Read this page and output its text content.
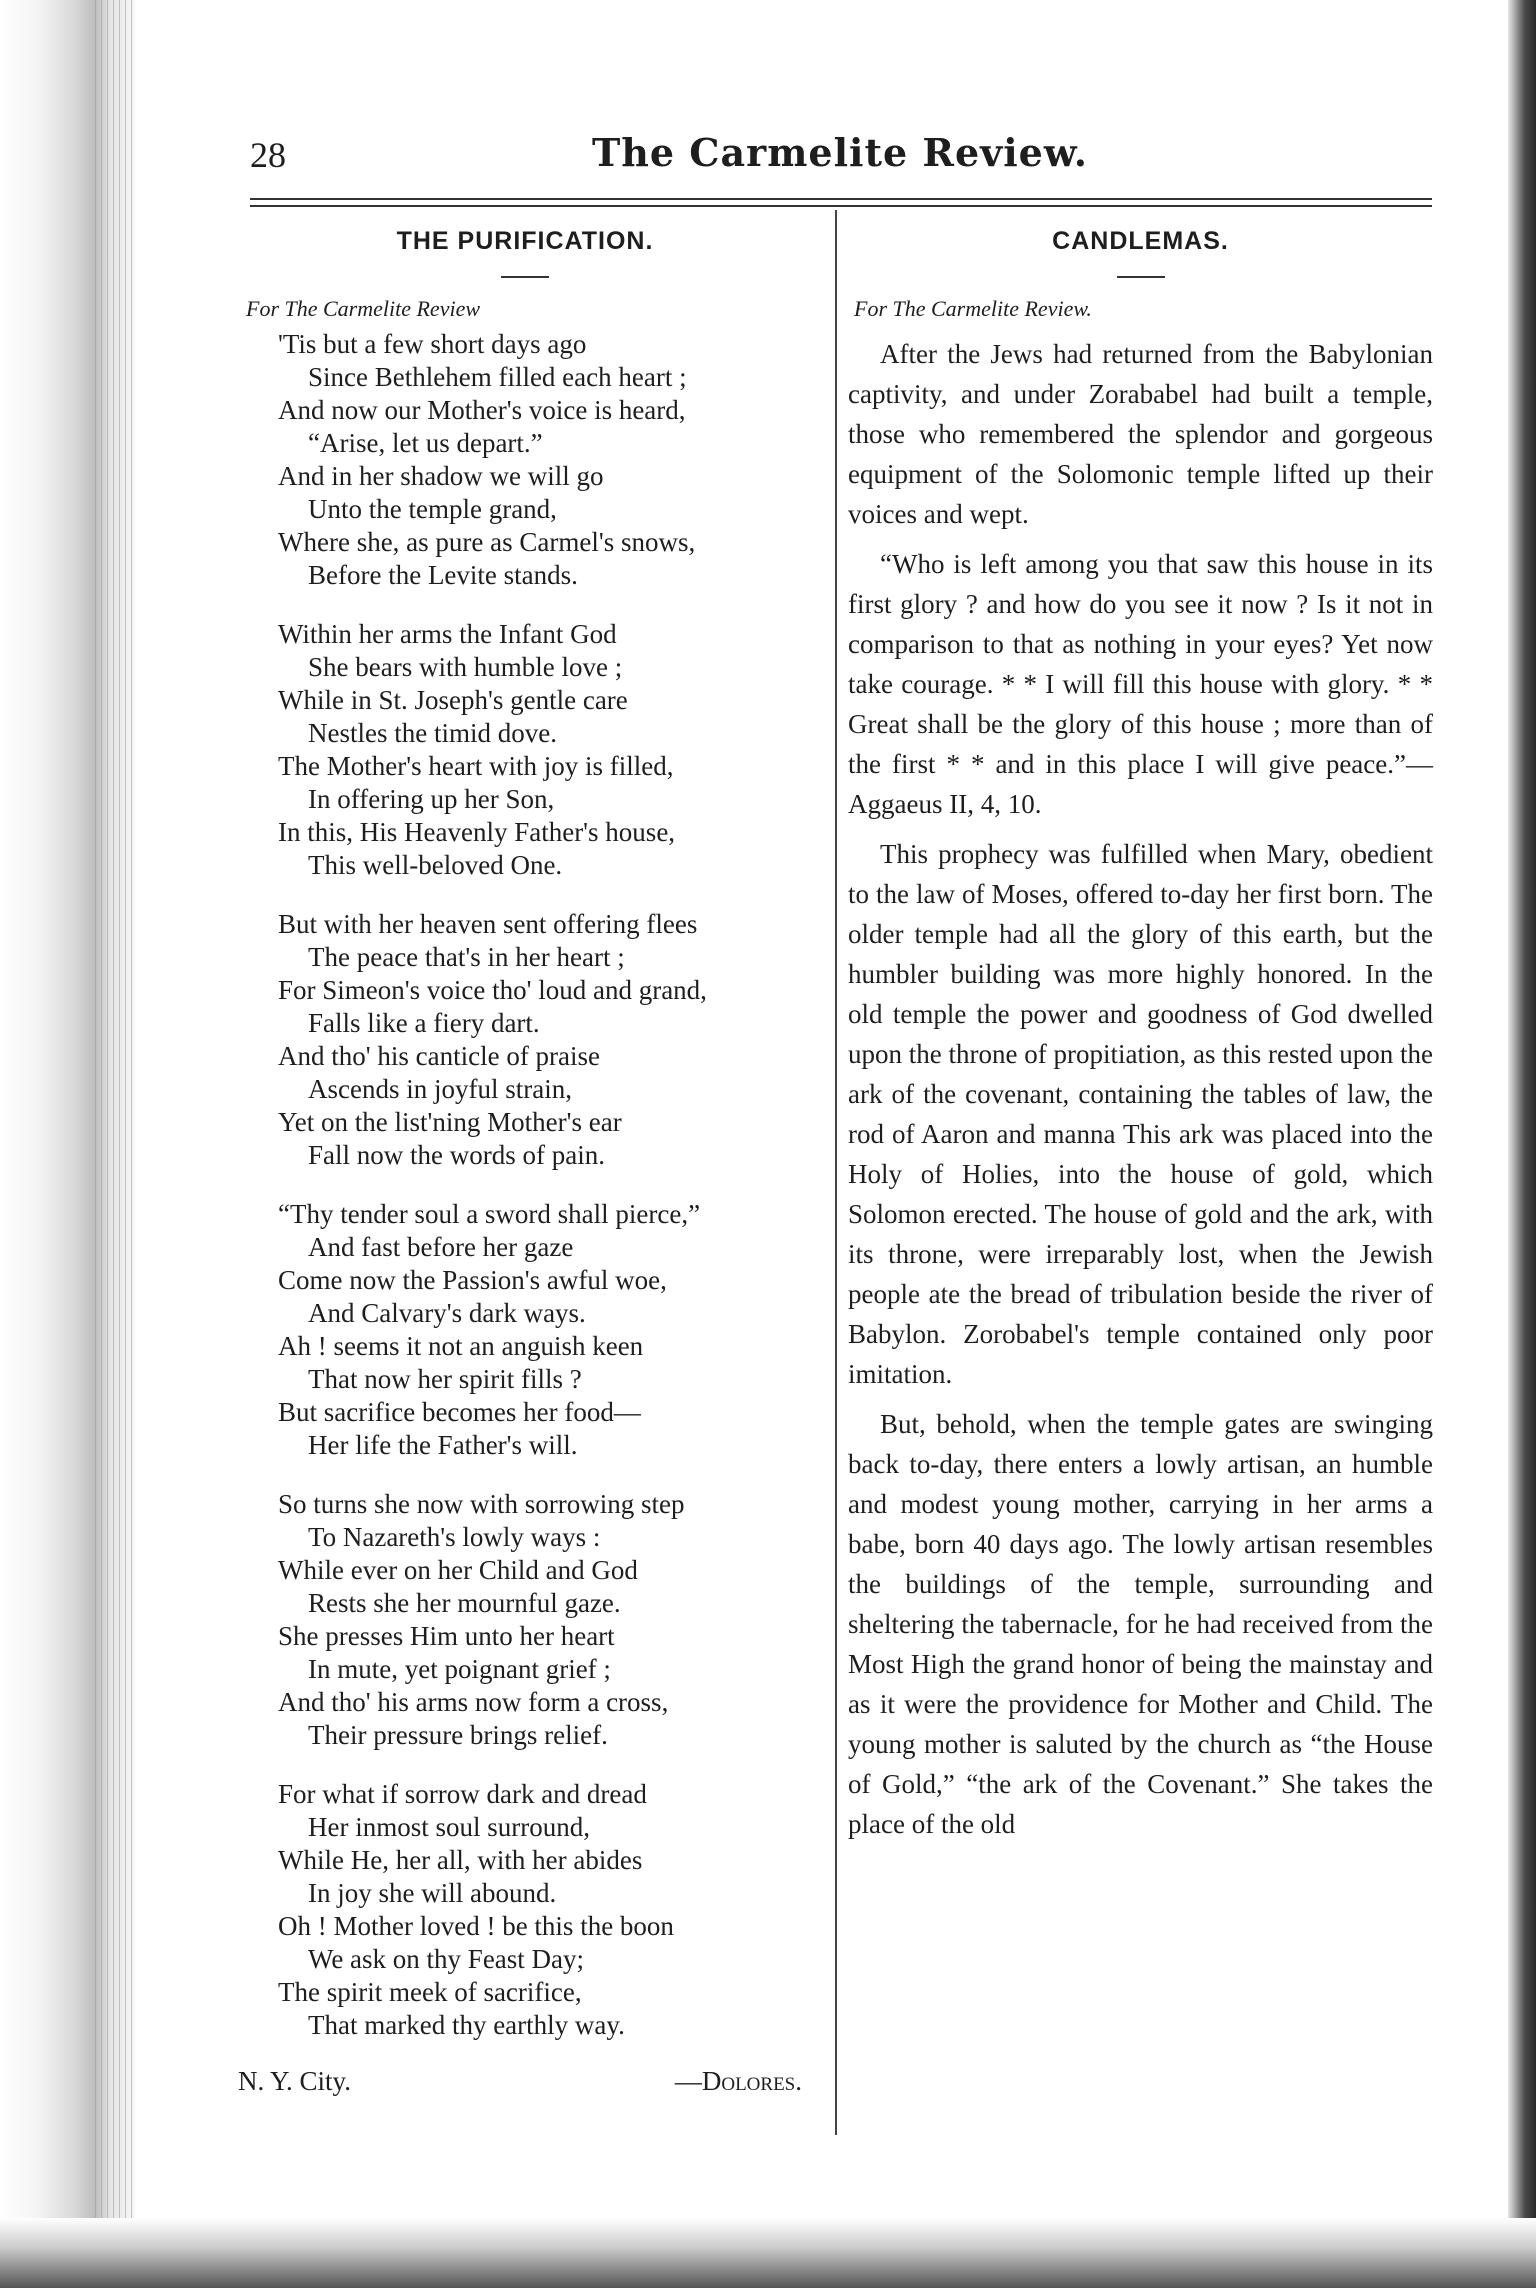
28	The Carmelite Review.
THE PURIFICATION.
For The Carmelite Review
'Tis but a few short days ago
Since Bethlehem filled each heart ;
And now our Mother's voice is heard,
“Arise, let us depart.”
And in her shadow we will go
Unto the temple grand,
Where she, as pure as Carmel's snows,
Before the Levite stands.
Within her arms the Infant God
She bears with humble love ;
While in St. Joseph's gentle care
Nestles the timid dove.
The Mother's heart with joy is filled,
In offering up her Son,
In this, His Heavenly Father's house,
This well-beloved One.
But with her heaven sent offering flees
The peace that's in her heart ;
For Simeon's voice tho' loud and grand,
Falls like a fiery dart.
And tho' his canticle of praise
Ascends in joyful strain,
Yet on the list'ning Mother's ear
Fall now the words of pain.
“Thy tender soul a sword shall pierce,”
And fast before her gaze
Come now the Passion's awful woe,
And Calvary's dark ways.
Ah ! seems it not an anguish keen
That now her spirit fills ?
But sacrifice becomes her food—
Her life the Father's will.
So turns she now with sorrowing step
To Nazareth's lowly ways :
While ever on her Child and God
Rests she her mournful gaze.
She presses Him unto her heart
In mute, yet poignant grief ;
And tho' his arms now form a cross,
Their pressure brings relief.
For what if sorrow dark and dread
Her inmost soul surround,
While He, her all, with her abides
In joy she will abound.
Oh ! Mother loved ! be this the boon
We ask on thy Feast Day;
The spirit meek of sacrifice,
That marked thy earthly way.
N. Y. City.	—Dolores.
CANDLEMAS.
For The Carmelite Review.

After the Jews had returned from the Babylonian captivity, and under Zorababel had built a temple, those who remembered the splendor and gorgeous equipment of the Solomonic temple lifted up their voices and wept.

“Who is left among you that saw this house in its first glory ? and how do you see it now ? Is it not in comparison to that as nothing in your eyes? Yet now take courage. * * I will fill this house with glory. * * Great shall be the glory of this house ; more than of the first * * and in this place I will give peace.”— Aggaeus II, 4, 10.

This prophecy was fulfilled when Mary, obedient to the law of Moses, offered to-day her first born. The older temple had all the glory of this earth, but the humbler building was more highly honored. In the old temple the power and goodness of God dwelled upon the throne of propitiation, as this rested upon the ark of the covenant, containing the tables of law, the rod of Aaron and manna This ark was placed into the Holy of Holies, into the house of gold, which Solomon erected. The house of gold and the ark, with its throne, were irreparably lost, when the Jewish people ate the bread of tribulation beside the river of Babylon. Zorobabel's temple contained only poor imitation.

But, behold, when the temple gates are swinging back to-day, there enters a lowly artisan, an humble and modest young mother, carrying in her arms a babe, born 40 days ago. The lowly artisan resembles the buildings of the temple, surrounding and sheltering the tabernacle, for he had received from the Most High the grand honor of being the mainstay and as it were the providence for Mother and Child. The young mother is saluted by the church as “the House of Gold,” “the ark of the Covenant.” She takes the place of the old
